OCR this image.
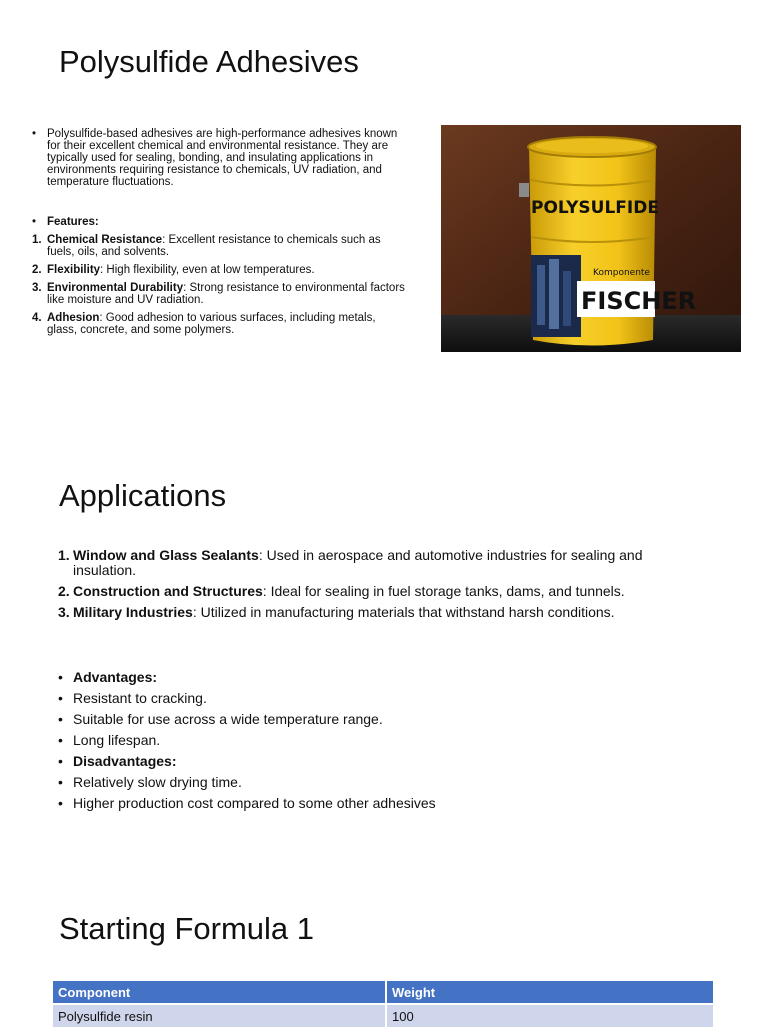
Polysulfide Adhesives
• Polysulfide-based adhesives are high-performance adhesives known for their excellent chemical and environmental resistance. They are typically used for sealing, bonding, and insulating applications in environments requiring resistance to chemicals, UV radiation, and temperature fluctuations.
• Features:
1. Chemical Resistance: Excellent resistance to chemicals such as fuels, oils, and solvents.
2. Flexibility: High flexibility, even at low temperatures.
3. Environmental Durability: Strong resistance to environmental factors like moisture and UV radiation.
4. Adhesion: Good adhesion to various surfaces, including metals, glass, concrete, and some polymers.
POLYSULFIDE
Komponente
FISCHER
Applications
1. Window and Glass Sealants: Used in aerospace and automotive industries for sealing and insulation.
2. Construction and Structures: Ideal for sealing in fuel storage tanks, dams, and tunnels.
3. Military Industries: Utilized in manufacturing materials that withstand harsh conditions.
• Advantages:
• Resistant to cracking.
• Suitable for use across a wide temperature range.
• Long lifespan.
• Disadvantages:
• Relatively slow drying time.
• Higher production cost compared to some other adhesives
Starting Formula 1
Component	Weight
Polysulfide resin	100
